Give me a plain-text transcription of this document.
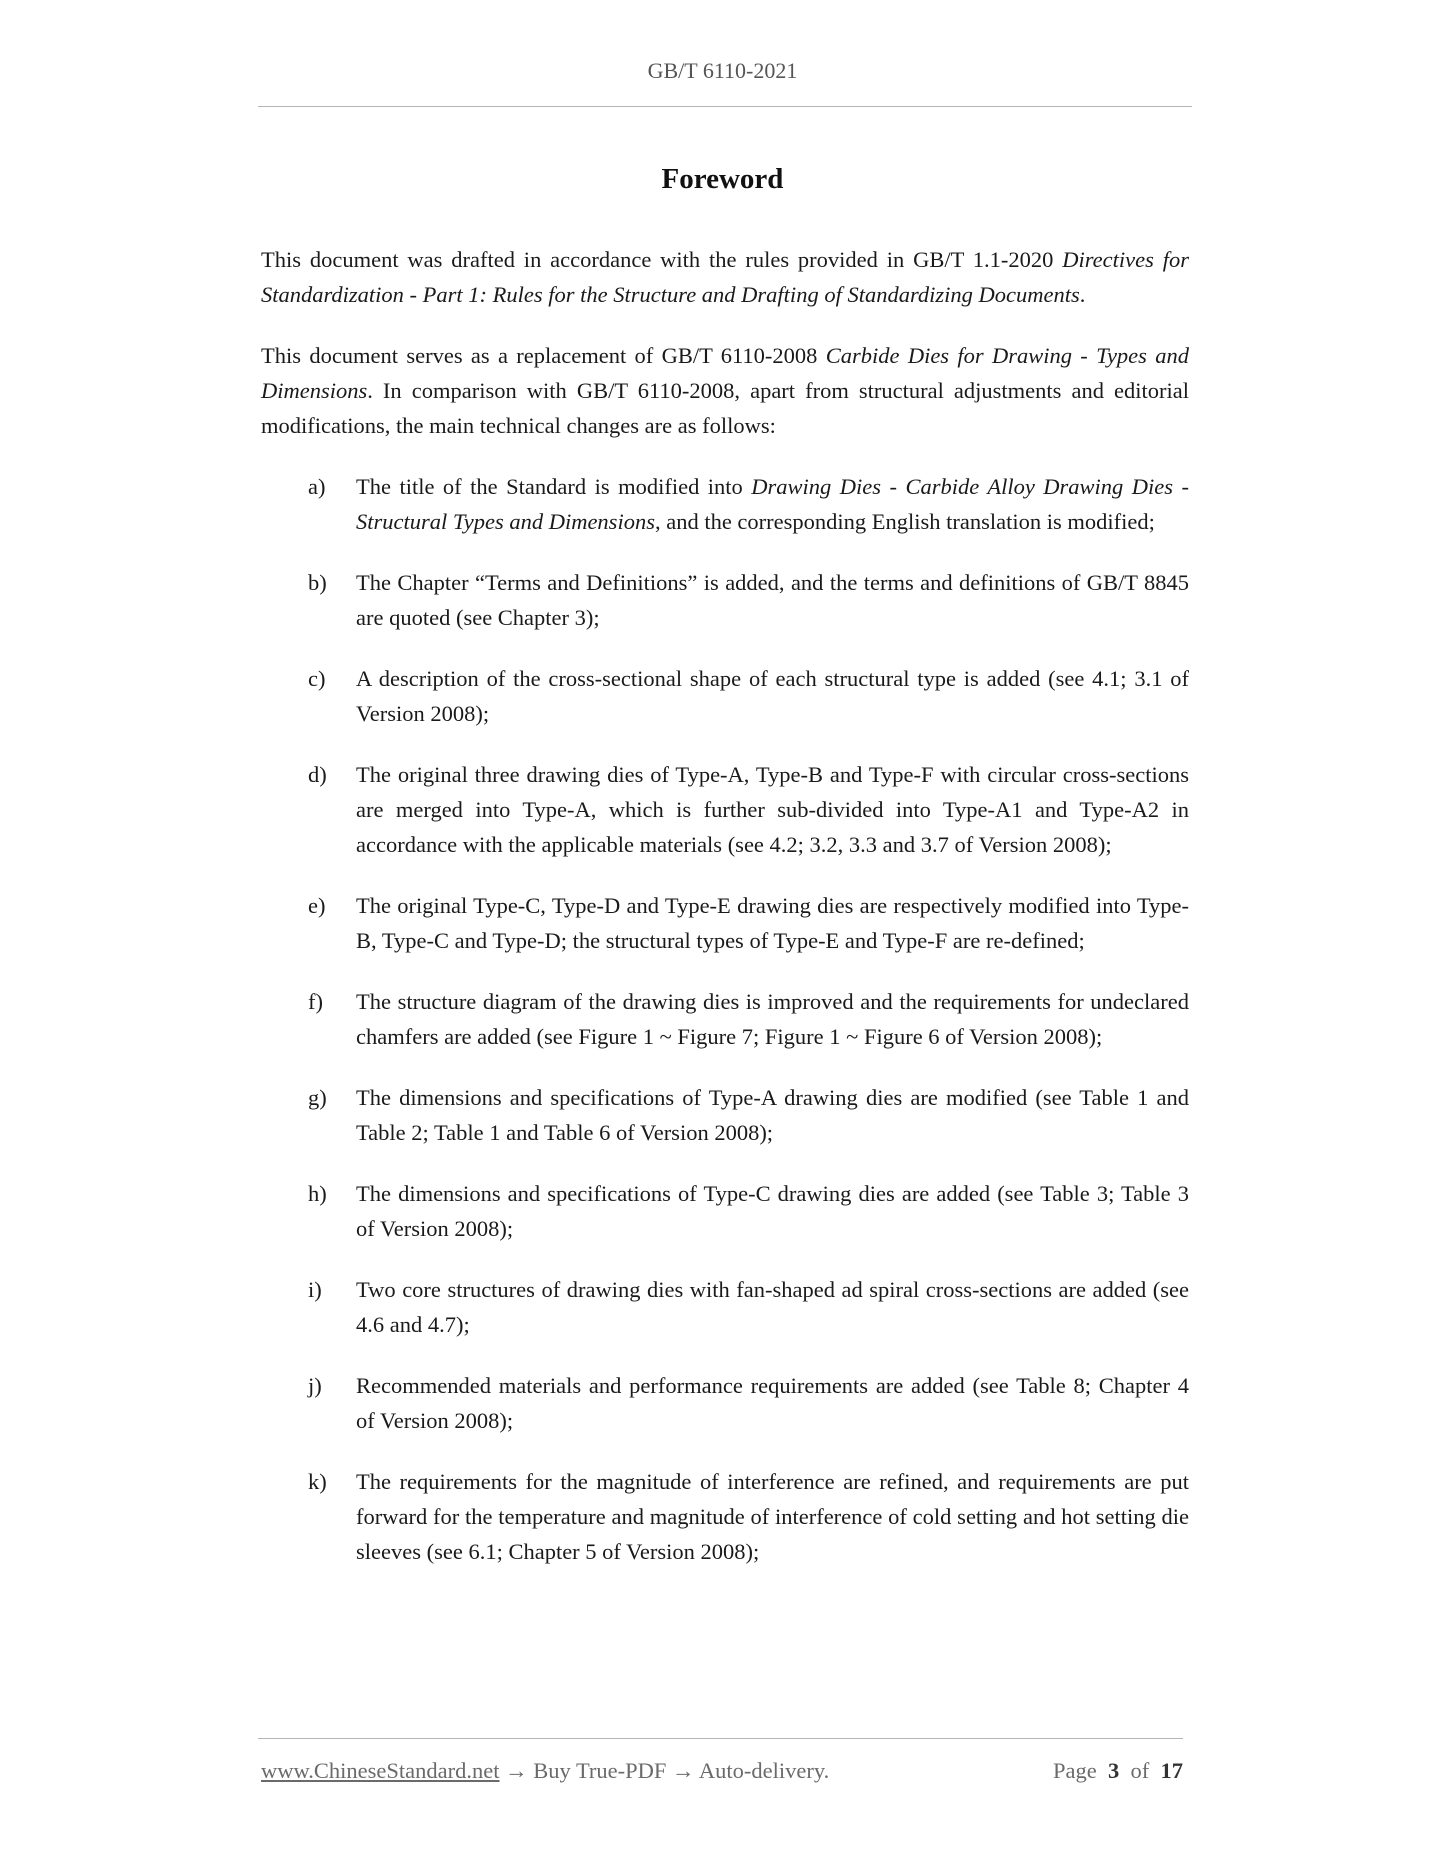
GB/T 6110-2021
Foreword

This document was drafted in accordance with the rules provided in GB/T 1.1-2020 Directives for Standardization - Part 1: Rules for the Structure and Drafting of Standardizing Documents.

This document serves as a replacement of GB/T 6110-2008 Carbide Dies for Drawing - Types and Dimensions. In comparison with GB/T 6110-2008, apart from structural adjustments and editorial modifications, the main technical changes are as follows:

a) The title of the Standard is modified into Drawing Dies - Carbide Alloy Drawing Dies - Structural Types and Dimensions, and the corresponding English translation is modified;
b) The Chapter “Terms and Definitions” is added, and the terms and definitions of GB/T 8845 are quoted (see Chapter 3);
c) A description of the cross-sectional shape of each structural type is added (see 4.1; 3.1 of Version 2008);
d) The original three drawing dies of Type-A, Type-B and Type-F with circular cross-sections are merged into Type-A, which is further sub-divided into Type-A1 and Type-A2 in accordance with the applicable materials (see 4.2; 3.2, 3.3 and 3.7 of Version 2008);
e) The original Type-C, Type-D and Type-E drawing dies are respectively modified into Type-B, Type-C and Type-D; the structural types of Type-E and Type-F are re-defined;
f) The structure diagram of the drawing dies is improved and the requirements for undeclared chamfers are added (see Figure 1 ~ Figure 7; Figure 1 ~ Figure 6 of Version 2008);
g) The dimensions and specifications of Type-A drawing dies are modified (see Table 1 and Table 2; Table 1 and Table 6 of Version 2008);
h) The dimensions and specifications of Type-C drawing dies are added (see Table 3; Table 3 of Version 2008);
i) Two core structures of drawing dies with fan-shaped ad spiral cross-sections are added (see 4.6 and 4.7);
j) Recommended materials and performance requirements are added (see Table 8; Chapter 4 of Version 2008);
k) The requirements for the magnitude of interference are refined, and requirements are put forward for the temperature and magnitude of interference of cold setting and hot setting die sleeves (see 6.1; Chapter 5 of Version 2008);
www.ChineseStandard.net → Buy True-PDF → Auto-delivery.	Page 3 of 17
